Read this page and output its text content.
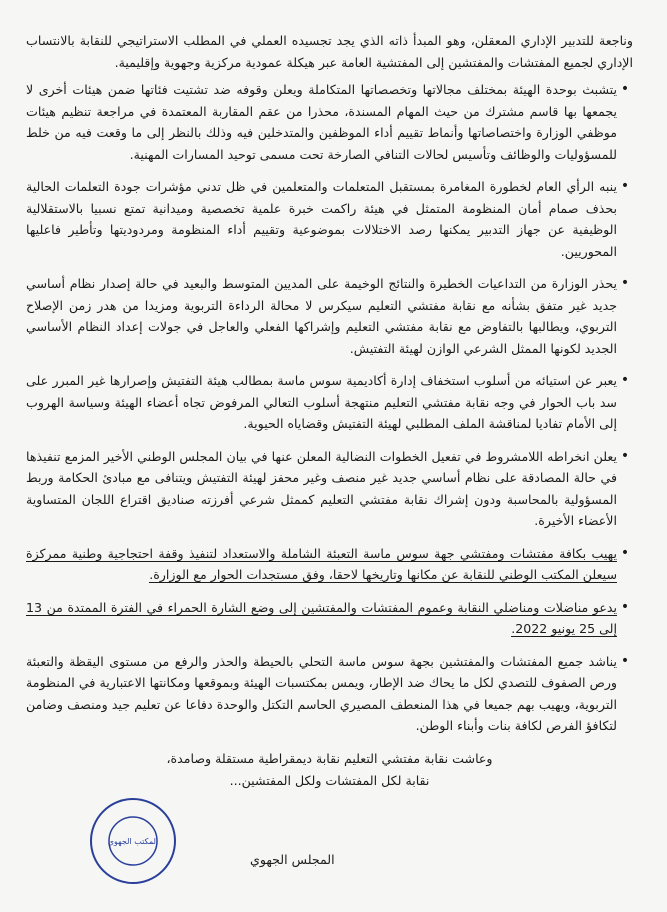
وناجعة للتدبير الإداري المعقلن، وهو المبدأ ذاته الذي يجد تجسيده العملي في المطلب الاستراتيجي للنقابة بالانتساب الإداري لجميع المفتشات والمفتشين إلى المفتشية العامة عبر هيكلة عمودية مركزية وجهوية وإقليمية.

•
يتشبث بوحدة الهيئة بمختلف مجالاتها وتخصصاتها المتكاملة ويعلن وقوفه ضد تشتيت فئاتها ضمن هيئات أخرى لا يجمعها بها قاسم مشترك من حيث المهام المسندة، محذرا من عقم المقاربة المعتمدة في مراجعة تنظيم هيئات موظفي الوزارة واختصاصاتها وأنماط تقييم أداء الموظفين والمتدخلين فيه وذلك بالنظر إلى ما وقعت فيه من خلط للمسؤوليات والوظائف وتأسيس لحالات التنافي الصارخة تحت مسمى توحيد المسارات المهنية.
•
ينبه الرأي العام لخطورة المغامرة بمستقبل المتعلمات والمتعلمين في ظل تدني مؤشرات جودة التعلمات الحالية بحذف صمام أمان المنظومة المتمثل في هيئة راكمت خبرة علمية تخصصية وميدانية تمتع نسبيا بالاستقلالية الوظيفية عن جهاز التدبير يمكنها رصد الاختلالات بموضوعية وتقييم أداء المنظومة ومردوديتها وتأطير فاعليها المحوريين.
•
يحذر الوزارة من التداعيات الخطيرة والنتائج الوخيمة على المديين المتوسط والبعيد في حالة إصدار نظام أساسي جديد غير متفق بشأنه مع نقابة مفتشي التعليم سيكرس لا محالة الرداءة التربوية ومزيدا من هدر زمن الإصلاح التربوي، ويطالبها بالتفاوض مع نقابة مفتشي التعليم وإشراكها الفعلي والعاجل في جولات إعداد النظام الأساسي الجديد لكونها الممثل الشرعي الوازن لهيئة التفتيش.
•
يعبر عن استيائه من أسلوب استخفاف إدارة أكاديمية سوس ماسة بمطالب هيئة التفتيش وإصرارها غير المبرر على سد باب الحوار في وجه نقابة مفتشي التعليم منتهجة أسلوب التعالي المرفوض تجاه أعضاء الهيئة وسياسة الهروب إلى الأمام تفاديا لمناقشة الملف المطلبي لهيئة التفتيش وقضاياه الحيوية.
•
يعلن انخراطه اللامشروط في تفعيل الخطوات النضالية المعلن عنها في بيان المجلس الوطني الأخير المزمع تنفيذها في حالة المصادقة على نظام أساسي جديد غير منصف وغير محفز لهيئة التفتيش ويتنافى مع مبادئ الحكامة وربط المسؤولية بالمحاسبة ودون إشراك نقابة مفتشي التعليم كممثل شرعي أفرزته صناديق اقتراع اللجان المتساوية الأعضاء الأخيرة.
•
يهيب بكافة مفتشات ومفتشي جهة سوس ماسة التعبئة الشاملة والاستعداد لتنفيذ وقفة احتجاجية وطنية ممركزة سيعلن المكتب الوطني للنقابة عن مكانها وتاريخها لاحقا، وفق مستجدات الحوار مع الوزارة.
•
يدعو مناضلات ومناضلي النقابة وعموم المفتشات والمفتشين إلى وضع الشارة الحمراء في الفترة الممتدة من 13 إلى 25 يونيو 2022.
•
يناشد جميع المفتشات والمفتشين بجهة سوس ماسة التحلي بالحيطة والحذر والرفع من مستوى اليقظة والتعبئة ورص الصفوف للتصدي لكل ما يحاك ضد الإطار، ويمس بمكتسبات الهيئة وبموقعها ومكانتها الاعتبارية في المنظومة التربوية، ويهيب بهم جميعا في هذا المنعطف المصيري الحاسم التكتل والوحدة دفاعا عن تعليم جيد ومنصف وضامن لتكافؤ الفرص لكافة بنات وأبناء الوطن.
وعاشت نقابة مفتشي التعليم نقابة ديمقراطية مستقلة وصامدة،
نقابة لكل المفتشات ولكل المفتشين...
المجلس الجهوي
المكتب الجهوي
